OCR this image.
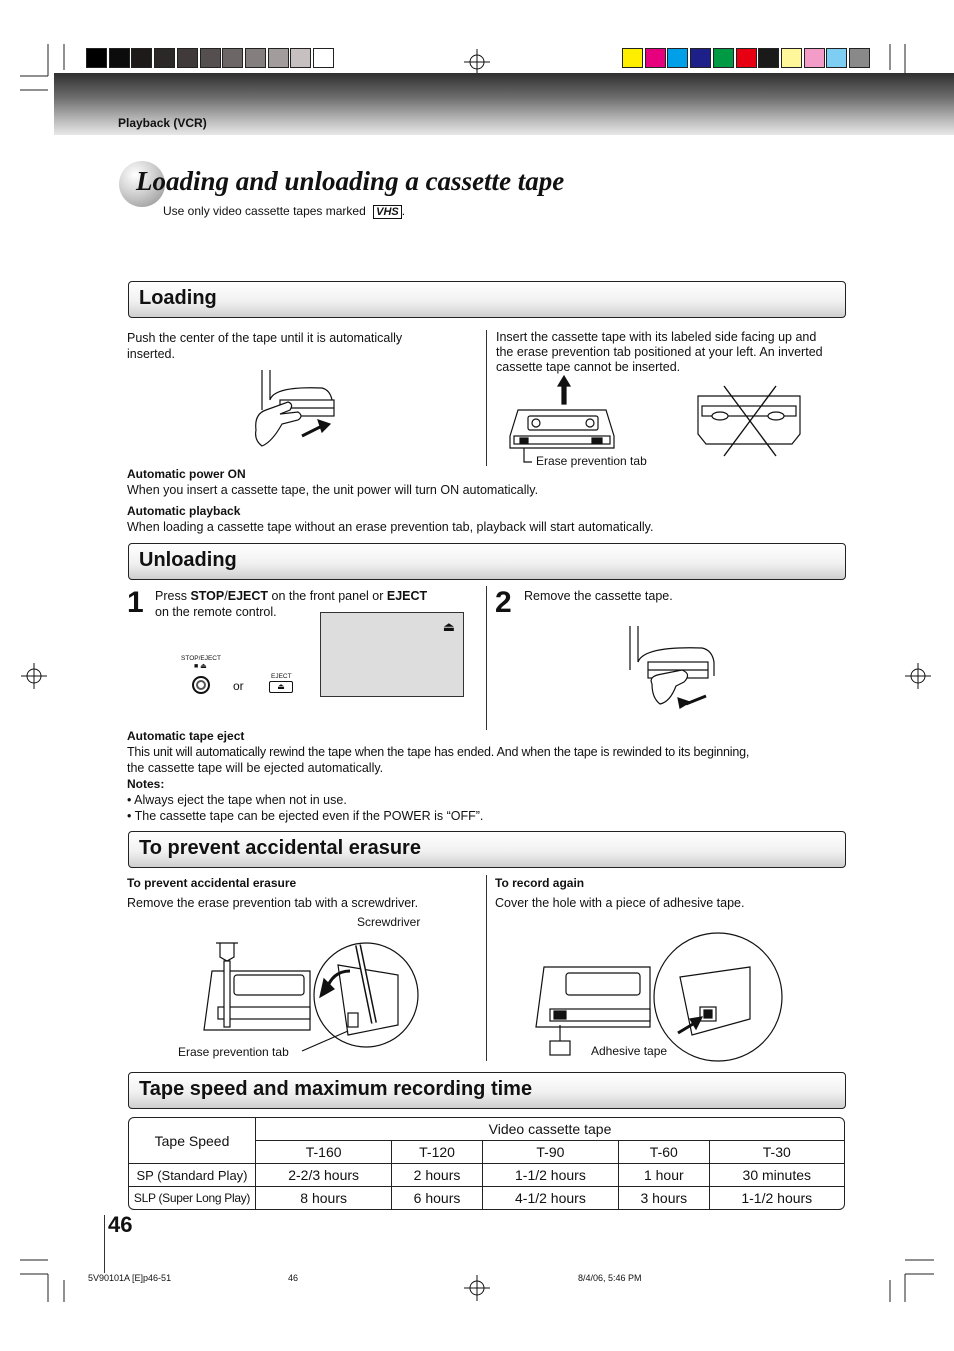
Playback (VCR)
Loading and unloading a cassette tape
Use only video cassette tapes marked VHS .
Loading
Push the center of the tape until it is automatically inserted.
Insert the cassette tape with its labeled side facing up and the erase prevention tab positioned at your left. An inverted cassette tape cannot be inserted.
Erase prevention tab
Automatic power ON
When you insert a cassette tape, the unit power will turn ON automatically.
Automatic playback
When loading a cassette tape without an erase prevention tab, playback will start automatically.
Unloading
1 Press STOP/EJECT on the front panel or EJECT
on the remote control.
⏏
STOP/EJECT
■ ⏏
or
EJECT
⏏
2 Remove the cassette tape.
Automatic tape eject
This unit will automatically rewind the tape when the tape has ended. And when the tape is rewinded to its beginning,
the cassette tape will be ejected automatically.
Notes:
• Always eject the tape when not in use.
• The cassette tape can be ejected even if the POWER is “OFF”.
To prevent accidental erasure
To prevent accidental erasure
Remove the erase prevention tab with a screwdriver.
Screwdriver
To record again
Cover the hole with a piece of adhesive tape.
Erase prevention tab	Adhesive tape
Tape speed and maximum recording time
Tape Speed	Video cassette tape				
	T-160	T-120	T-90	T-60	T-30
SP (Standard Play)	2-2/3 hours	2 hours	1-1/2 hours	1 hour	30 minutes
SLP (Super Long Play)	8 hours	6 hours	4-1/2 hours	3 hours	1-1/2 hours
46
5V90101A [E]p46-51	46	8/4/06, 5:46 PM
